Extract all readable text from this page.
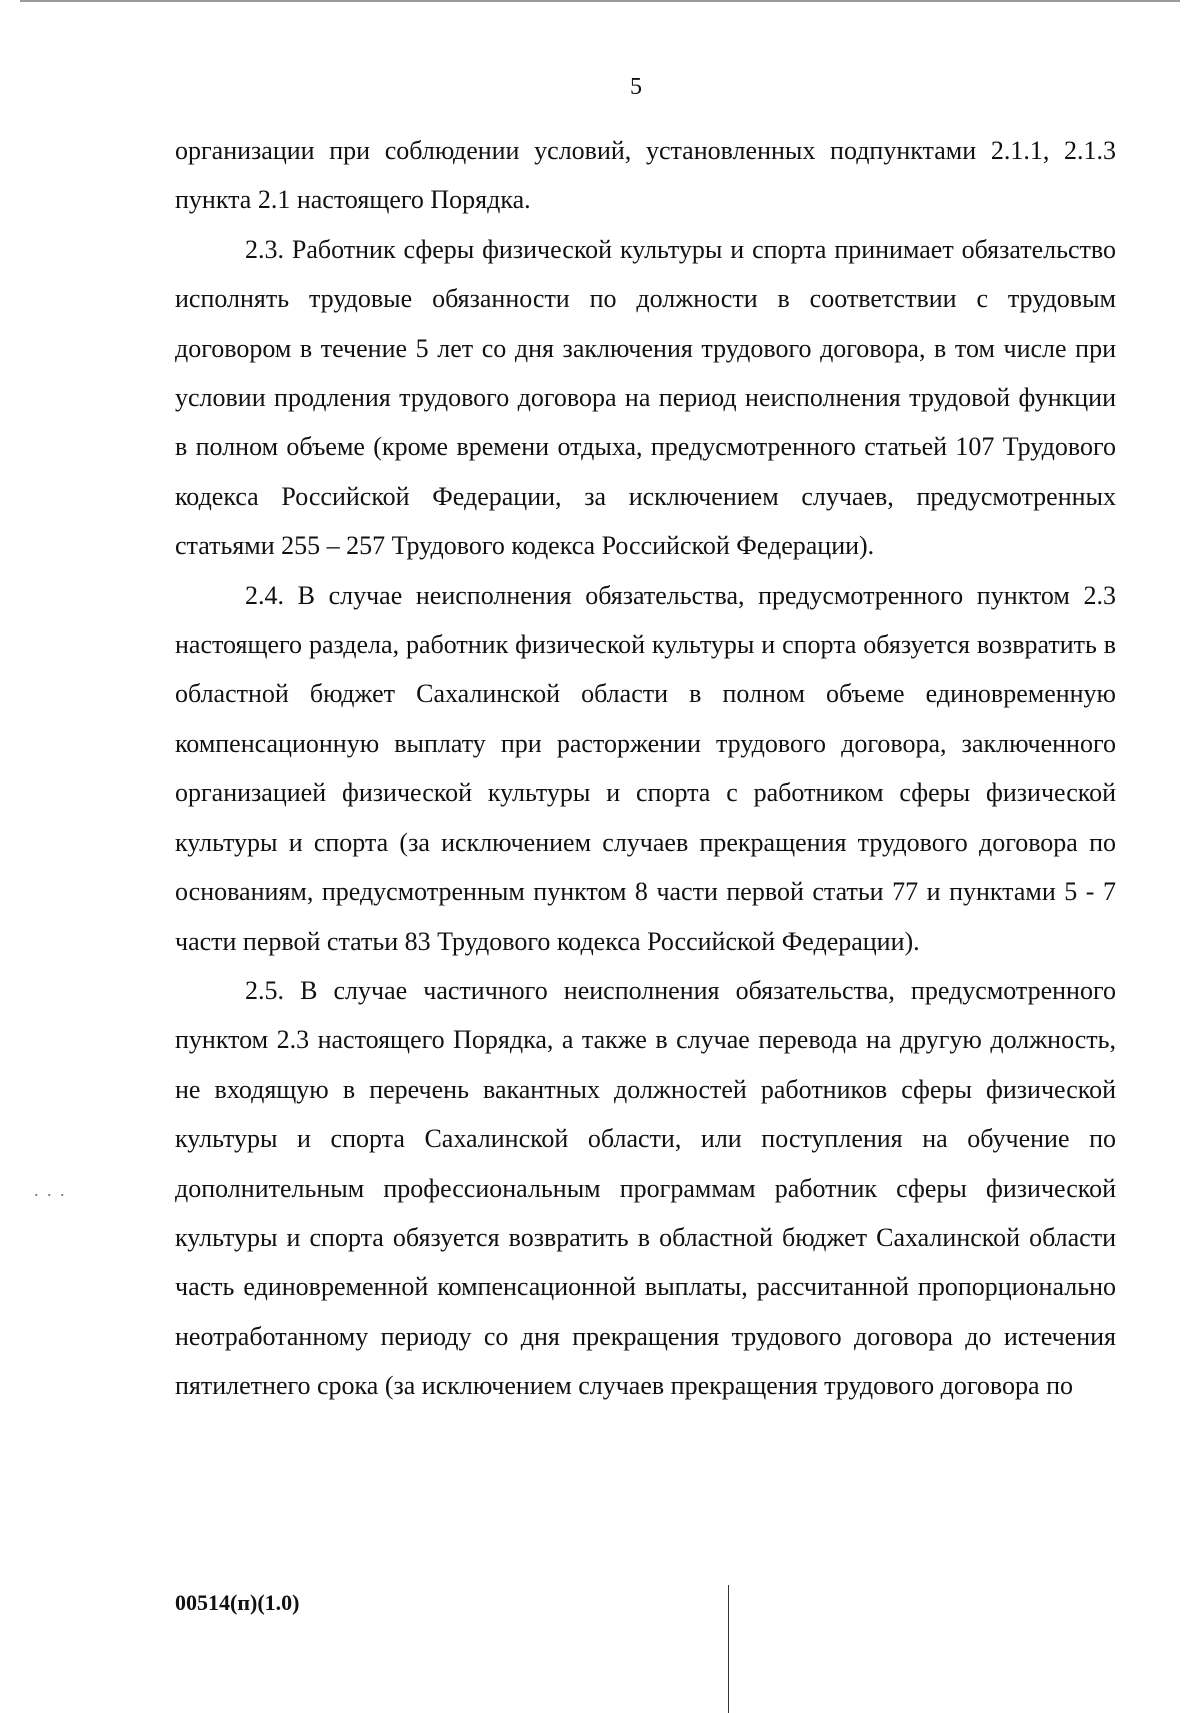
5

организации при соблюдении условий, установленных подпунктами 2.1.1, 2.1.3 пункта 2.1 настоящего Порядка.

2.3. Работник сферы физической культуры и спорта принимает обязательство исполнять трудовые обязанности по должности в соответствии с трудовым договором в течение 5 лет со дня заключения трудового договора, в том числе при условии продления трудового договора на период неисполнения трудовой функции в полном объеме (кроме времени отдыха, предусмотренного статьей 107 Трудового кодекса Российской Федерации, за исключением случаев, предусмотренных статьями 255 – 257 Трудового кодекса Российской Федерации).

2.4. В случае неисполнения обязательства, предусмотренного пунктом 2.3 настоящего раздела, работник физической культуры и спорта обязуется возвратить в областной бюджет Сахалинской области в полном объеме единовременную компенсационную выплату при расторжении трудового договора, заключенного организацией физической культуры и спорта с работником сферы физической культуры и спорта (за исключением случаев прекращения трудового договора по основаниям, предусмотренным пунктом 8 части первой статьи 77 и пунктами 5 - 7 части первой статьи 83 Трудового кодекса Российской Федерации).

2.5. В случае частичного неисполнения обязательства, предусмотренного пунктом 2.3 настоящего Порядка, а также в случае перевода на другую должность, не входящую в перечень вакантных должностей работников сферы физической культуры и спорта Сахалинской области, или поступления на обучение по дополнительным профессиональным программам работник сферы физической культуры и спорта обязуется возвратить в областной бюджет Сахалинской области часть единовременной компенсационной выплаты, рассчитанной пропорционально неотработанному периоду со дня прекращения трудового договора до истечения пятилетнего срока (за исключением случаев прекращения трудового договора по

. . .
00514(п)(1.0)
